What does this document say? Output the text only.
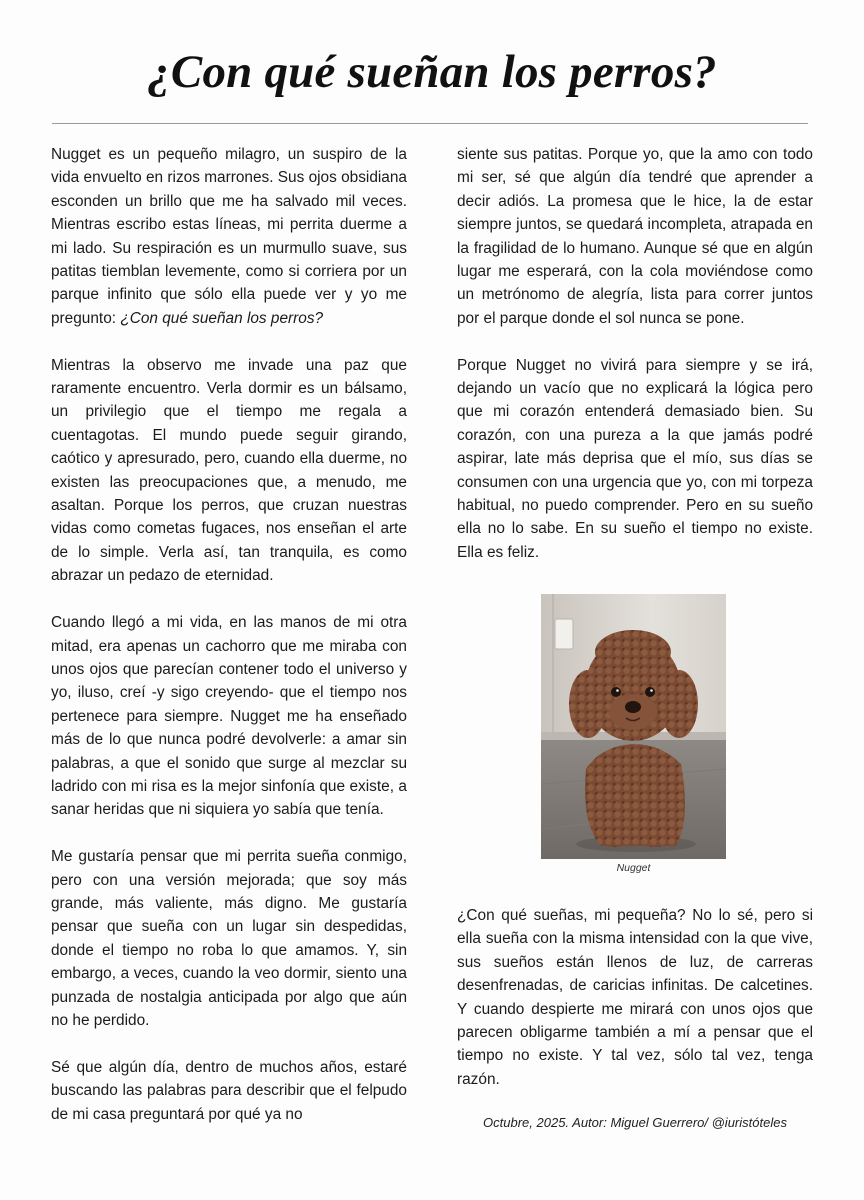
¿Con qué sueñan los perros?

Nugget es un pequeño milagro, un suspiro de la vida envuelto en rizos marrones. Sus ojos obsidiana esconden un brillo que me ha salvado mil veces. Mientras escribo estas líneas, mi perrita duerme a mi lado. Su respiración es un murmullo suave, sus patitas tiemblan levemente, como si corriera por un parque infinito que sólo ella puede ver y yo me pregunto: ¿Con qué sueñan los perros?

Mientras la observo me invade una paz que raramente encuentro. Verla dormir es un bálsamo, un privilegio que el tiempo me regala a cuentagotas. El mundo puede seguir girando, caótico y apresurado, pero, cuando ella duerme, no existen las preocupaciones que, a menudo, me asaltan. Porque los perros, que cruzan nuestras vidas como cometas fugaces, nos enseñan el arte de lo simple. Verla así, tan tranquila, es como abrazar un pedazo de eternidad.

Cuando llegó a mi vida, en las manos de mi otra mitad, era apenas un cachorro que me miraba con unos ojos que parecían contener todo el universo y yo, iluso, creí -y sigo creyendo- que el tiempo nos pertenece para siempre. Nugget me ha enseñado más de lo que nunca podré devolverle: a amar sin palabras, a que el sonido que surge al mezclar su ladrido con mi risa es la mejor sinfonía que existe, a sanar heridas que ni siquiera yo sabía que tenía.

Me gustaría pensar que mi perrita sueña conmigo, pero con una versión mejorada; que soy más grande, más valiente, más digno. Me gustaría pensar que sueña con un lugar sin despedidas, donde el tiempo no roba lo que amamos. Y, sin embargo, a veces, cuando la veo dormir, siento una punzada de nostalgia anticipada por algo que aún no he perdido.

Sé que algún día, dentro de muchos años, estaré buscando las palabras para describir que el felpudo de mi casa preguntará por qué ya no

siente sus patitas. Porque yo, que la amo con todo mi ser, sé que algún día tendré que aprender a decir adiós. La promesa que le hice, la de estar siempre juntos, se quedará incompleta, atrapada en la fragilidad de lo humano. Aunque sé que en algún lugar me esperará, con la cola moviéndose como un metrónomo de alegría, lista para correr juntos por el parque donde el sol nunca se pone.

Porque Nugget no vivirá para siempre y se irá, dejando un vacío que no explicará la lógica pero que mi corazón entenderá demasiado bien. Su corazón, con una pureza a la que jamás podré aspirar, late más deprisa que el mío, sus días se consumen con una urgencia que yo, con mi torpeza habitual, no puedo comprender. Pero en su sueño ella no lo sabe. En su sueño el tiempo no existe. Ella es feliz.

Nugget

¿Con qué sueñas, mi pequeña? No lo sé, pero si ella sueña con la misma intensidad con la que vive, sus sueños están llenos de luz, de carreras desenfrenadas, de caricias infinitas. De calcetines. Y cuando despierte me mirará con unos ojos que parecen obligarme también a mí a pensar que el tiempo no existe. Y tal vez, sólo tal vez, tenga razón.

Octubre, 2025. Autor: Miguel Guerrero/ @iuristóteles
